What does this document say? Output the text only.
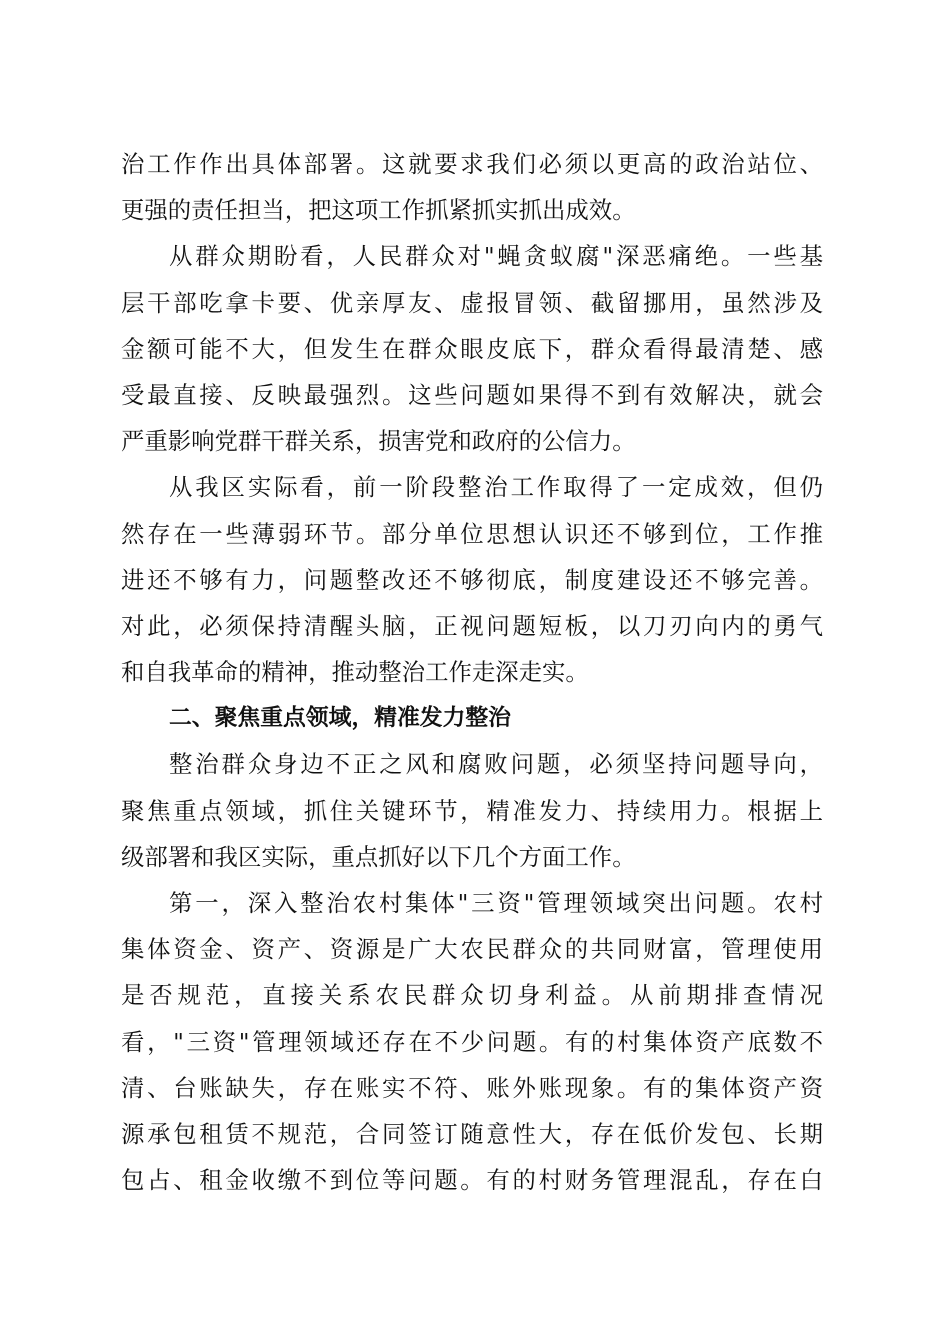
治工作作出具体部署。这就要求我们必须以更高的政治站位、
更强的责任担当，把这项工作抓紧抓实抓出成效。
从群众期盼看，人民群众对"蝇贪蚁腐"深恶痛绝。一些基
层干部吃拿卡要、优亲厚友、虚报冒领、截留挪用，虽然涉及
金额可能不大，但发生在群众眼皮底下，群众看得最清楚、感
受最直接、反映最强烈。这些问题如果得不到有效解决，就会
严重影响党群干群关系，损害党和政府的公信力。
从我区实际看，前一阶段整治工作取得了一定成效，但仍
然存在一些薄弱环节。部分单位思想认识还不够到位，工作推
进还不够有力，问题整改还不够彻底，制度建设还不够完善。
对此，必须保持清醒头脑，正视问题短板，以刀刃向内的勇气
和自我革命的精神，推动整治工作走深走实。
二、聚焦重点领域，精准发力整治
整治群众身边不正之风和腐败问题，必须坚持问题导向，
聚焦重点领域，抓住关键环节，精准发力、持续用力。根据上
级部署和我区实际，重点抓好以下几个方面工作。
第一，深入整治农村集体"三资"管理领域突出问题。农村
集体资金、资产、资源是广大农民群众的共同财富，管理使用
是否规范，直接关系农民群众切身利益。从前期排查情况
看，"三资"管理领域还存在不少问题。有的村集体资产底数不
清、台账缺失，存在账实不符、账外账现象。有的集体资产资
源承包租赁不规范，合同签订随意性大，存在低价发包、长期
包占、租金收缴不到位等问题。有的村财务管理混乱，存在白
